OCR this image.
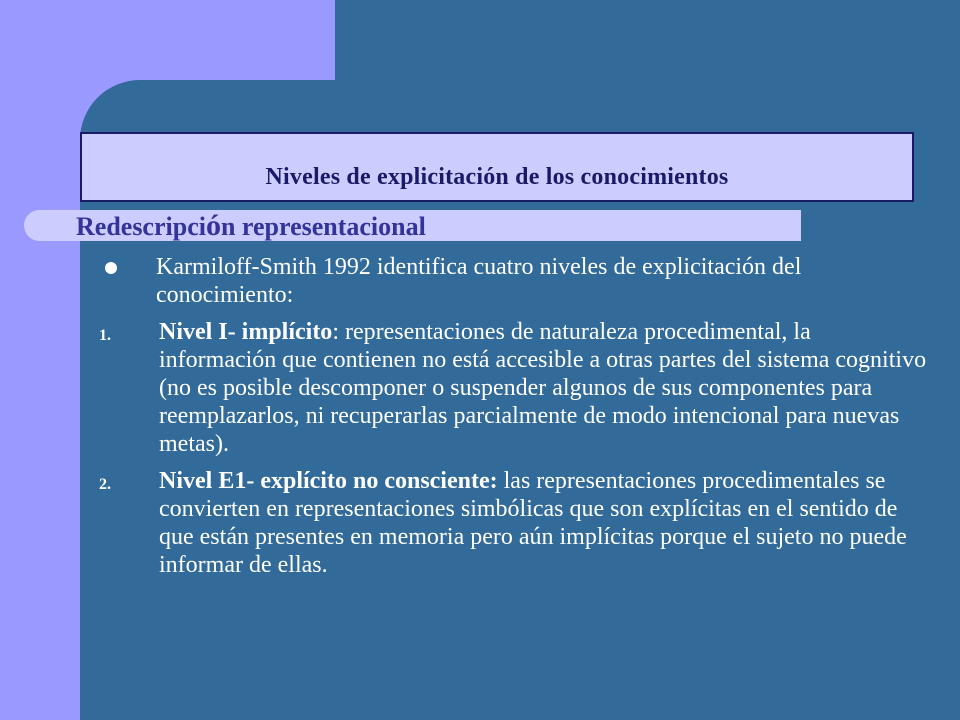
Niveles de explicitación de los conocimientos
Redescripción representacional
Karmiloff-Smith 1992 identifica cuatro niveles de explicitación del conocimiento:
1.	Nivel I- implícito: representaciones de naturaleza procedimental, la información que contienen no está accesible a otras partes del sistema cognitivo (no es posible descomponer o suspender algunos de sus componentes para reemplazarlos, ni recuperarlas parcialmente de modo intencional para nuevas metas).
2.	Nivel E1- explícito no consciente: las representaciones procedimentales se convierten en representaciones simbólicas que son explícitas en el sentido de que están presentes en memoria pero aún implícitas porque el sujeto no puede informar de ellas.
